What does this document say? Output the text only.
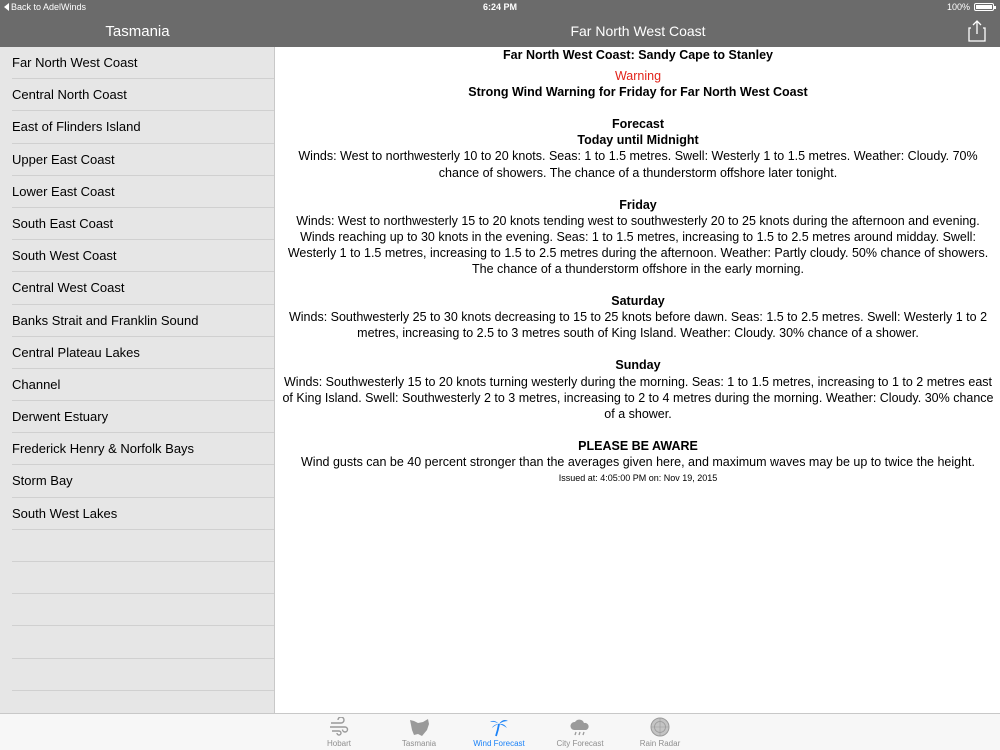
Back to AdelWinds	6:24 PM	100%
Tasmania	Far North West Coast
Far North West Coast
Central North Coast
East of Flinders Island
Upper East Coast
Lower East Coast
South East Coast
South West Coast
Central West Coast
Banks Strait and Franklin Sound
Central Plateau Lakes
Channel
Derwent Estuary
Frederick Henry & Norfolk Bays
Storm Bay
South West Lakes

Far North West Coast: Sandy Cape to Stanley

Warning

Strong Wind Warning for Friday for Far North West Coast

Forecast

Today until Midnight

Winds: West to northwesterly 10 to 20 knots. Seas: 1 to 1.5 metres. Swell: Westerly 1 to 1.5 metres. Weather: Cloudy. 70% chance of showers. The chance of a thunderstorm offshore later tonight.

Friday

Winds: West to northwesterly 15 to 20 knots tending west to southwesterly 20 to 25 knots during the afternoon and evening. Winds reaching up to 30 knots in the evening. Seas: 1 to 1.5 metres, increasing to 1.5 to 2.5 metres around midday. Swell: Westerly 1 to 1.5 metres, increasing to 1.5 to 2.5 metres during the afternoon. Weather: Partly cloudy. 50% chance of showers. The chance of a thunderstorm offshore in the early morning.

Saturday

Winds: Southwesterly 25 to 30 knots decreasing to 15 to 25 knots before dawn. Seas: 1.5 to 2.5 metres. Swell: Westerly 1 to 2 metres, increasing to 2.5 to 3 metres south of King Island. Weather: Cloudy. 30% chance of a shower.

Sunday

Winds: Southwesterly 15 to 20 knots turning westerly during the morning. Seas: 1 to 1.5 metres, increasing to 1 to 2 metres east of King Island. Swell: Southwesterly 2 to 3 metres, increasing to 2 to 4 metres during the morning. Weather: Cloudy. 30% chance of a shower.

PLEASE BE AWARE

Wind gusts can be 40 percent stronger than the averages given here, and maximum waves may be up to twice the height.

Issued at: 4:05:00 PM on: Nov 19, 2015

Hobart	Tasmania	Wind Forecast	City Forecast	Rain Radar
